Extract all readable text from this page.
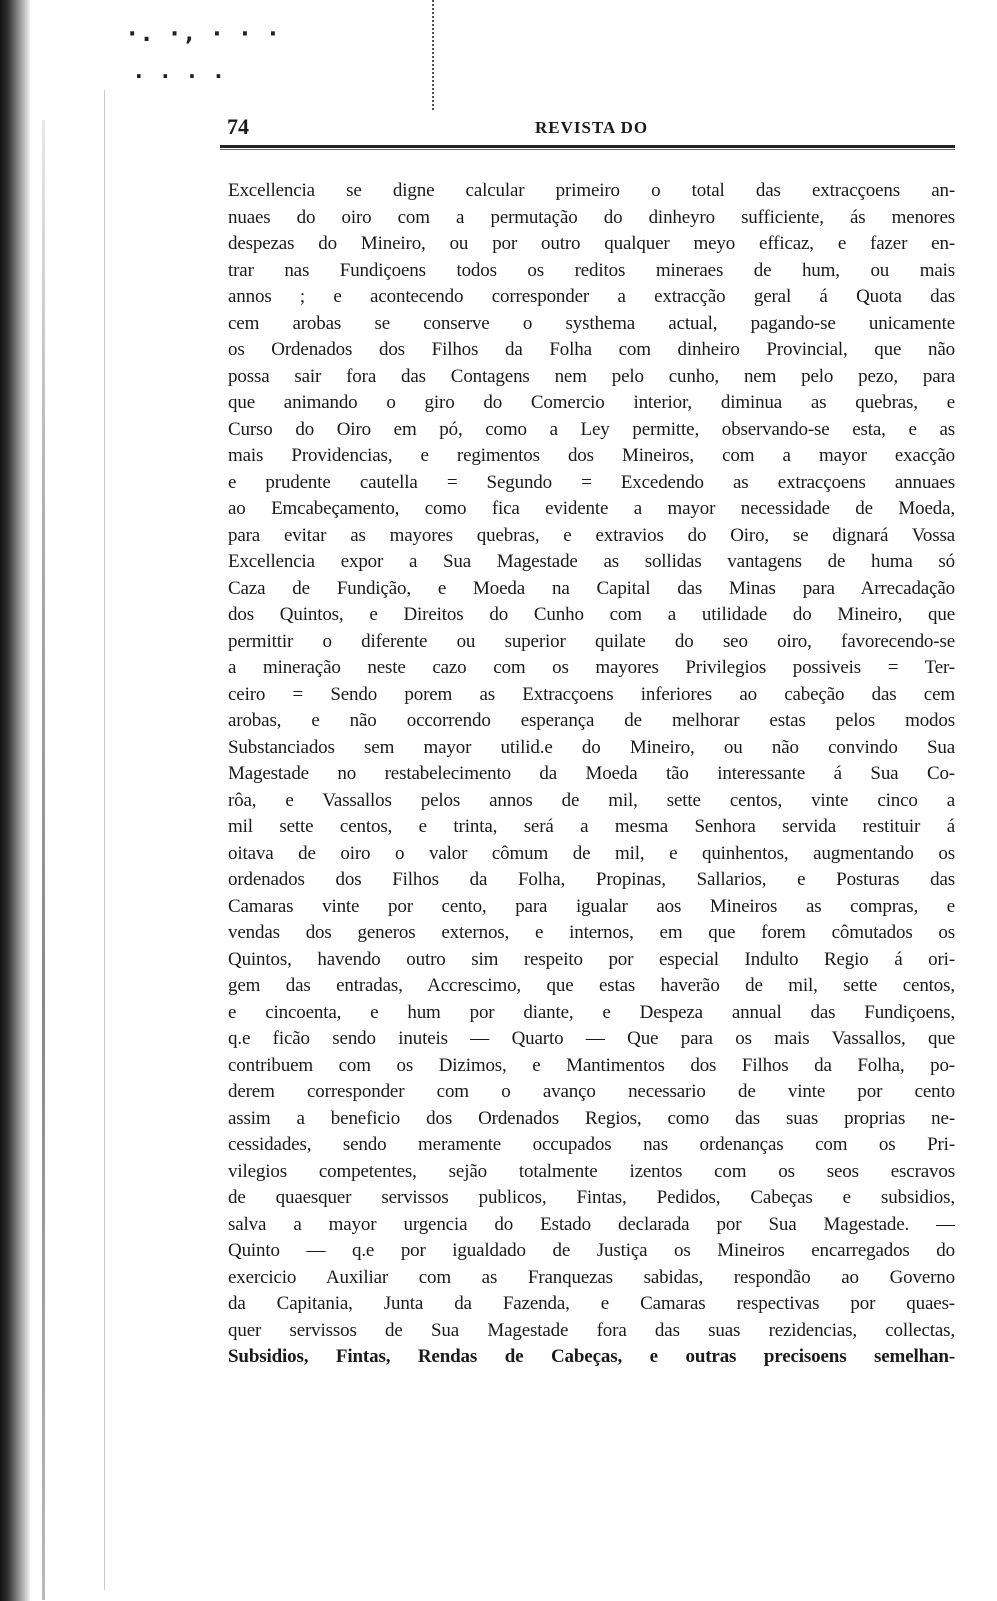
·. ·‚ · · ·
· · · ·
74	REVISTA DO
Excellencia se digne calcular primeiro o total das extracçoens an-
nuaes do oiro com a permutação do dinheyro sufficiente, ás menores
despezas do Mineiro, ou por outro qualquer meyo efficaz, e fazer en-
trar nas Fundiçoens todos os reditos mineraes de hum, ou mais
annos ; e acontecendo corresponder a extracção geral á Quota das
cem arobas se conserve o systhema actual, pagando-se unicamente
os Ordenados dos Filhos da Folha com dinheiro Provincial, que não
possa sair fora das Contagens nem pelo cunho, nem pelo pezo, para
que animando o giro do Comercio interior, diminua as quebras, e
Curso do Oiro em pó, como a Ley permitte, observando-se esta, e as
mais Providencias, e regimentos dos Mineiros, com a mayor exacção
e prudente cautella = Segundo = Excedendo as extracçoens annuaes
ao Emcabeçamento, como fica evidente a mayor necessidade de Moeda,
para evitar as mayores quebras, e extravios do Oiro, se dignará Vossa
Excellencia expor a Sua Magestade as sollidas vantagens de huma só
Caza de Fundição, e Moeda na Capital das Minas para Arrecadação
dos Quintos, e Direitos do Cunho com a utilidade do Mineiro, que
permittir o diferente ou superior quilate do seo oiro, favorecendo-se
a mineração neste cazo com os mayores Privilegios possiveis = Ter-
ceiro = Sendo porem as Extracçoens inferiores ao cabeção das cem
arobas, e não occorrendo esperança de melhorar estas pelos modos
Substanciados sem mayor utilid.e do Mineiro, ou não convindo Sua
Magestade no restabelecimento da Moeda tão interessante á Sua Co-
rôa, e Vassallos pelos annos de mil, sette centos, vinte cinco a
mil sette centos, e trinta, será a mesma Senhora servida restituir á
oitava de oiro o valor cômum de mil, e quinhentos, augmentando os
ordenados dos Filhos da Folha, Propinas, Sallarios, e Posturas das
Camaras vinte por cento, para igualar aos Mineiros as compras, e
vendas dos generos externos, e internos, em que forem cômutados os
Quintos, havendo outro sim respeito por especial Indulto Regio á ori-
gem das entradas, Accrescimo, que estas haverão de mil, sette centos,
e cincoenta, e hum por diante, e Despeza annual das Fundiçoens,
q.e ficão sendo inuteis — Quarto — Que para os mais Vassallos, que
contribuem com os Dizimos, e Mantimentos dos Filhos da Folha, po-
derem corresponder com o avanço necessario de vinte por cento
assim a beneficio dos Ordenados Regios, como das suas proprias ne-
cessidades, sendo meramente occupados nas ordenanças com os Pri-
vilegios competentes, sejão totalmente izentos com os seos escravos
de quaesquer servissos publicos, Fintas, Pedidos, Cabeças e subsidios,
salva a mayor urgencia do Estado declarada por Sua Magestade. —
Quinto — q.e por igualdado de Justiça os Mineiros encarregados do
exercicio Auxiliar com as Franquezas sabidas, respondão ao Governo
da Capitania, Junta da Fazenda, e Camaras respectivas por quaes-
quer servissos de Sua Magestade fora das suas rezidencias, collectas,
Subsidios, Fintas, Rendas de Cabeças, e outras precisoens semelhan-
